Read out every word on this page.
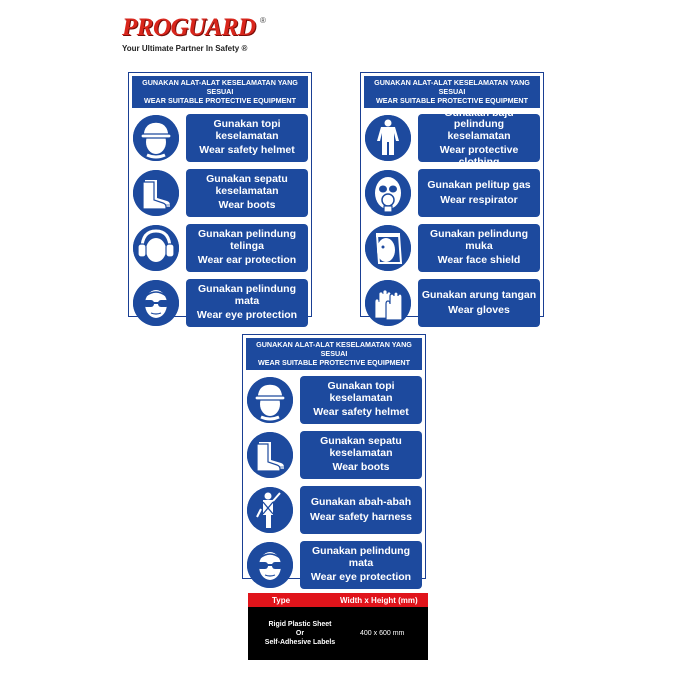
PROGUARD ®
Your Ultimate Partner In Safety ®
GUNAKAN ALAT-ALAT KESELAMATAN YANG SESUAI
WEAR SUITABLE PROTECTIVE EQUIPMENT
Gunakan topi keselamatan
Wear safety helmet
Gunakan sepatu keselamatan
Wear boots
Gunakan pelindung telinga
Wear ear protection
Gunakan pelindung mata
Wear eye protection
GUNAKAN ALAT-ALAT KESELAMATAN YANG SESUAI
WEAR SUITABLE PROTECTIVE EQUIPMENT
Gunakan baju pelindung keselamatan
Wear protective clothing
Gunakan pelitup gas
Wear respirator
Gunakan pelindung muka
Wear face shield
Gunakan arung tangan
Wear gloves
GUNAKAN ALAT-ALAT KESELAMATAN YANG SESUAI
WEAR SUITABLE PROTECTIVE EQUIPMENT
Gunakan topi keselamatan
Wear safety helmet
Gunakan sepatu keselamatan
Wear boots
Gunakan abah-abah
Wear safety harness
Gunakan pelindung mata
Wear eye protection
Type	Width x Height (mm)
Rigid Plastic Sheet
Or
Self-Adhesive Labels
400 x 600 mm
